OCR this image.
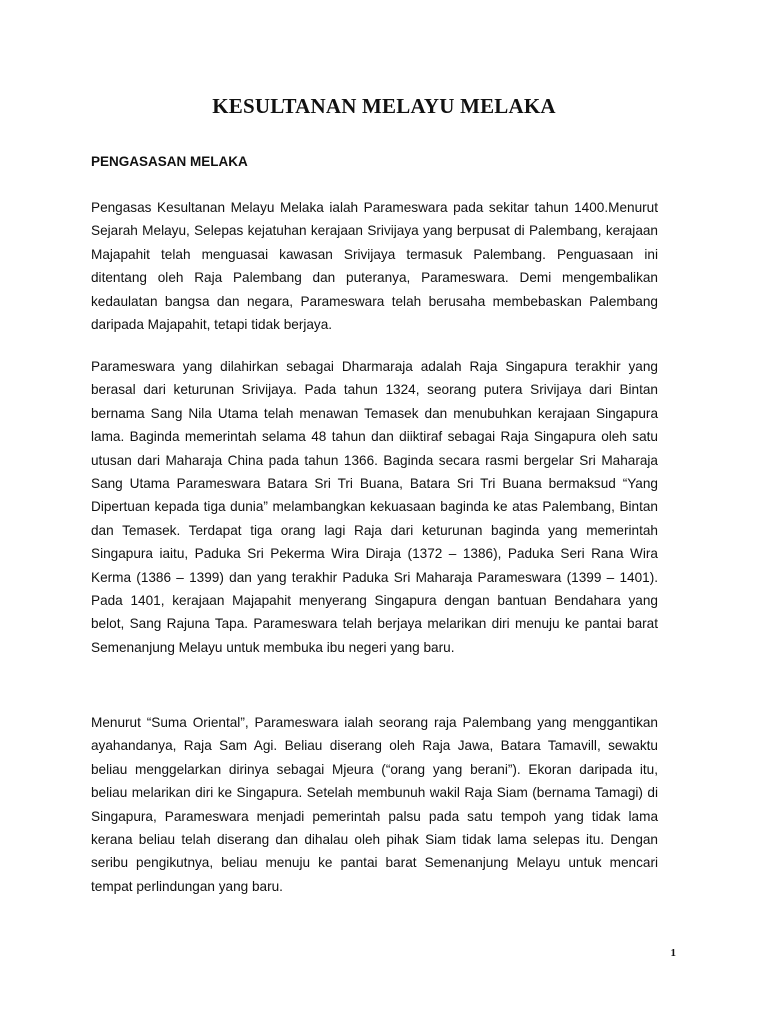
KESULTANAN MELAYU MELAKA
PENGASASAN MELAKA

Pengasas Kesultanan Melayu Melaka ialah Parameswara pada sekitar tahun 1400.Menurut Sejarah Melayu, Selepas kejatuhan kerajaan Srivijaya yang berpusat di Palembang, kerajaan Majapahit telah menguasai kawasan Srivijaya termasuk Palembang. Penguasaan ini ditentang oleh Raja Palembang dan puteranya, Parameswara. Demi mengembalikan kedaulatan bangsa dan negara, Parameswara telah berusaha membebaskan Palembang daripada Majapahit, tetapi tidak berjaya.

Parameswara yang dilahirkan sebagai Dharmaraja adalah Raja Singapura terakhir yang berasal dari keturunan Srivijaya. Pada tahun 1324, seorang putera Srivijaya dari Bintan bernama Sang Nila Utama telah menawan Temasek dan menubuhkan kerajaan Singapura lama. Baginda memerintah selama 48 tahun dan diiktiraf sebagai Raja Singapura oleh satu utusan dari Maharaja China pada tahun 1366. Baginda secara rasmi bergelar Sri Maharaja Sang Utama Parameswara Batara Sri Tri Buana, Batara Sri Tri Buana bermaksud “Yang Dipertuan kepada tiga dunia” melambangkan kekuasaan baginda ke atas Palembang, Bintan dan Temasek. Terdapat tiga orang lagi Raja dari keturunan baginda yang memerintah Singapura iaitu, Paduka Sri Pekerma Wira Diraja (1372 – 1386), Paduka Seri Rana Wira Kerma (1386 – 1399) dan yang terakhir Paduka Sri Maharaja Parameswara (1399 – 1401). Pada 1401, kerajaan Majapahit menyerang Singapura dengan bantuan Bendahara yang belot, Sang Rajuna Tapa. Parameswara telah berjaya melarikan diri menuju ke pantai barat Semenanjung Melayu untuk membuka ibu negeri yang baru.

Menurut “Suma Oriental”, Parameswara ialah seorang raja Palembang yang menggantikan ayahandanya, Raja Sam Agi. Beliau diserang oleh Raja Jawa, Batara Tamavill, sewaktu beliau menggelarkan dirinya sebagai Mjeura (“orang yang berani”). Ekoran daripada itu, beliau melarikan diri ke Singapura. Setelah membunuh wakil Raja Siam (bernama Tamagi) di Singapura, Parameswara menjadi pemerintah palsu pada satu tempoh yang tidak lama kerana beliau telah diserang dan dihalau oleh pihak Siam tidak lama selepas itu. Dengan seribu pengikutnya, beliau menuju ke pantai barat Semenanjung Melayu untuk mencari tempat perlindungan yang baru.

1
